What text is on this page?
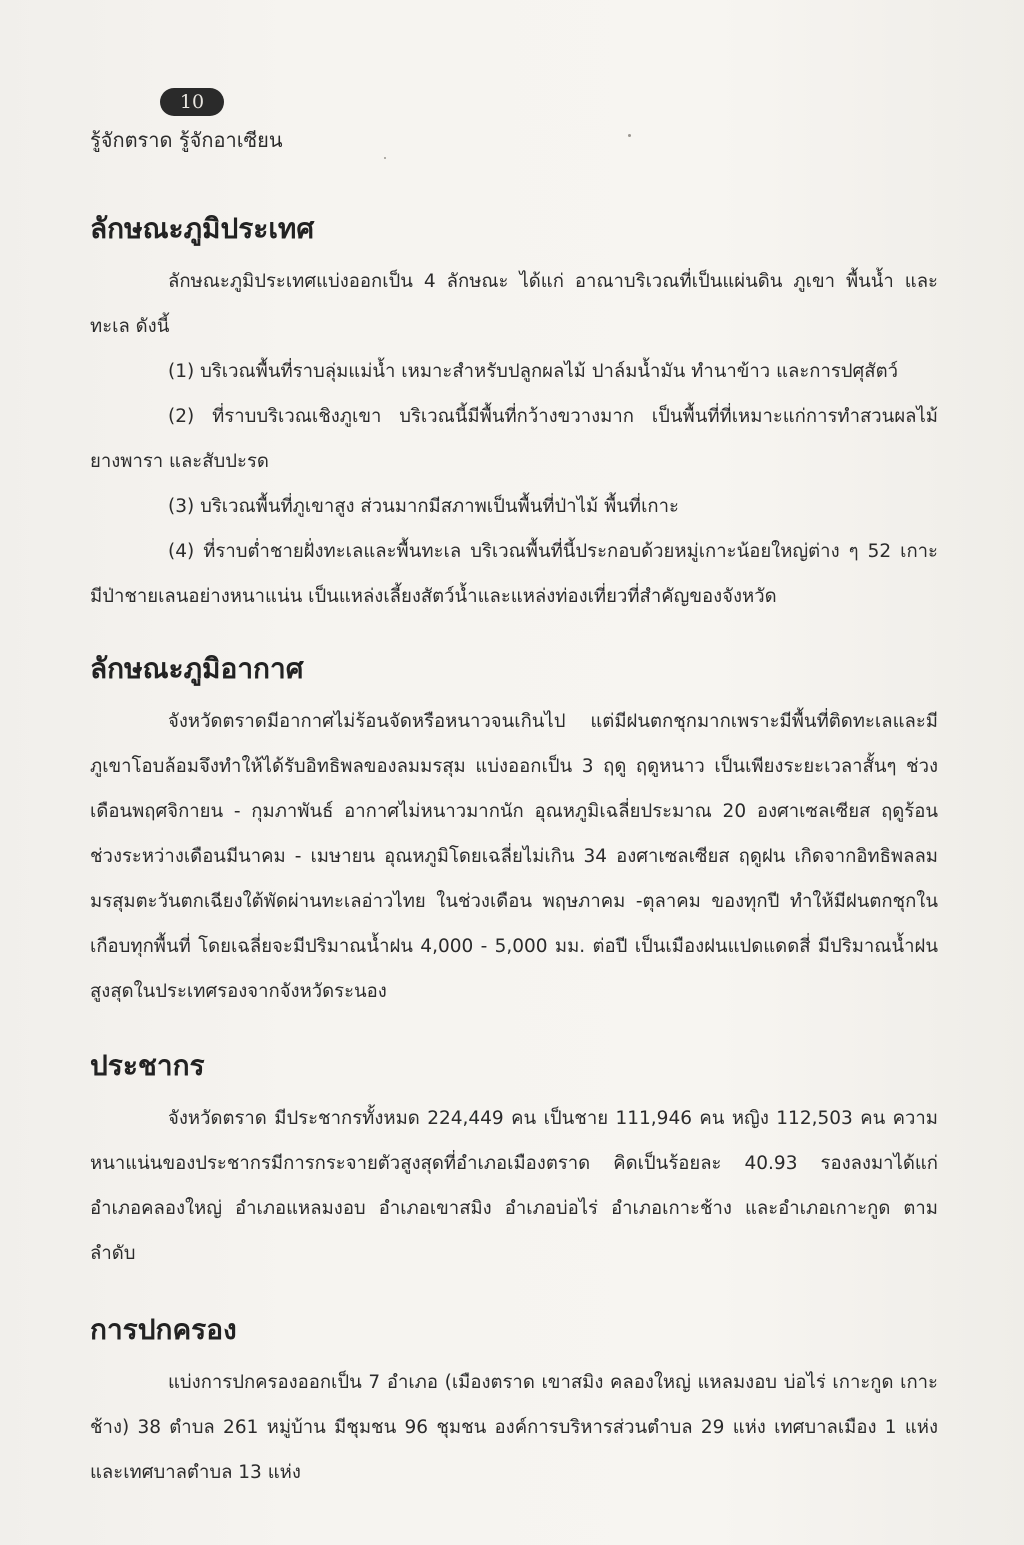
10
รู้จักตราด รู้จักอาเซียน
ลักษณะภูมิประเทศ

ลักษณะภูมิประเทศแบ่งออกเป็น 4 ลักษณะ ได้แก่ อาณาบริเวณที่เป็นแผ่นดิน ภูเขา พื้นน้ำ และทะเล ดังนี้

(1) บริเวณพื้นที่ราบลุ่มแม่น้ำ เหมาะสำหรับปลูกผลไม้ ปาล์มน้ำมัน ทำนาข้าว และการปศุสัตว์

(2) ที่ราบบริเวณเชิงภูเขา บริเวณนี้มีพื้นที่กว้างขวางมาก เป็นพื้นที่ที่เหมาะแก่การทำสวนผลไม้ ยางพารา และสับปะรด

(3) บริเวณพื้นที่ภูเขาสูง ส่วนมากมีสภาพเป็นพื้นที่ป่าไม้ พื้นที่เกาะ

(4) ที่ราบต่ำชายฝั่งทะเลและพื้นทะเล บริเวณพื้นที่นี้ประกอบด้วยหมู่เกาะน้อยใหญ่ต่าง ๆ 52 เกาะ มีป่าชายเลนอย่างหนาแน่น เป็นแหล่งเลี้ยงสัตว์น้ำและแหล่งท่องเที่ยวที่สำคัญของจังหวัด

ลักษณะภูมิอากาศ

จังหวัดตราดมีอากาศไม่ร้อนจัดหรือหนาวจนเกินไป แต่มีฝนตกชุกมากเพราะมีพื้นที่ติดทะเลและมีภูเขาโอบล้อมจึงทำให้ได้รับอิทธิพลของลมมรสุม แบ่งออกเป็น 3 ฤดู ฤดูหนาว เป็นเพียงระยะเวลาสั้นๆ ช่วงเดือนพฤศจิกายน - กุมภาพันธ์ อากาศไม่หนาวมากนัก อุณหภูมิเฉลี่ยประมาณ 20 องศาเซลเซียส ฤดูร้อน ช่วงระหว่างเดือนมีนาคม - เมษายน อุณหภูมิโดยเฉลี่ยไม่เกิน 34 องศาเซลเซียส ฤดูฝน เกิดจากอิทธิพลลมมรสุมตะวันตกเฉียงใต้พัดผ่านทะเลอ่าวไทย ในช่วงเดือน พฤษภาคม -ตุลาคม ของทุกปี ทำให้มีฝนตกชุกในเกือบทุกพื้นที่ โดยเฉลี่ยจะมีปริมาณน้ำฝน 4,000 - 5,000 มม. ต่อปี เป็นเมืองฝนแปดแดดสี่ มีปริมาณน้ำฝนสูงสุดในประเทศรองจากจังหวัดระนอง

ประชากร

จังหวัดตราด มีประชากรทั้งหมด 224,449 คน เป็นชาย 111,946 คน หญิง 112,503 คน ความหนาแน่นของประชากรมีการกระจายตัวสูงสุดที่อำเภอเมืองตราด คิดเป็นร้อยละ 40.93 รองลงมาได้แก่ อำเภอคลองใหญ่ อำเภอแหลมงอบ อำเภอเขาสมิง อำเภอบ่อไร่ อำเภอเกาะช้าง และอำเภอเกาะกูด ตามลำดับ

การปกครอง

แบ่งการปกครองออกเป็น 7 อำเภอ (เมืองตราด เขาสมิง คลองใหญ่ แหลมงอบ บ่อไร่ เกาะกูด เกาะช้าง) 38 ตำบล 261 หมู่บ้าน มีชุมชน 96 ชุมชน องค์การบริหารส่วนตำบล 29 แห่ง เทศบาลเมือง 1 แห่ง และเทศบาลตำบล 13 แห่ง
